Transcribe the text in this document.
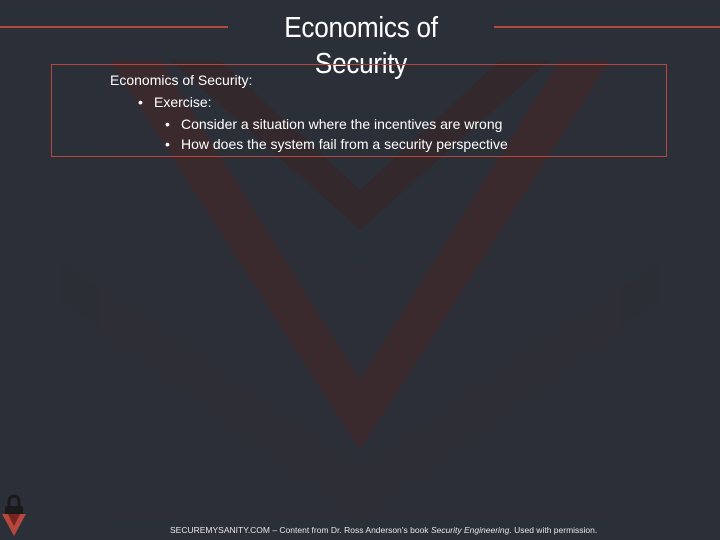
Economics of Security
Economics of Security:
• Exercise:
• Consider a situation where the incentives are wrong
• How does the system fail from a security perspective
SECUREMYSANITY.COM – Content from Dr. Ross Anderson’s book Security Engineering. Used with permission.
